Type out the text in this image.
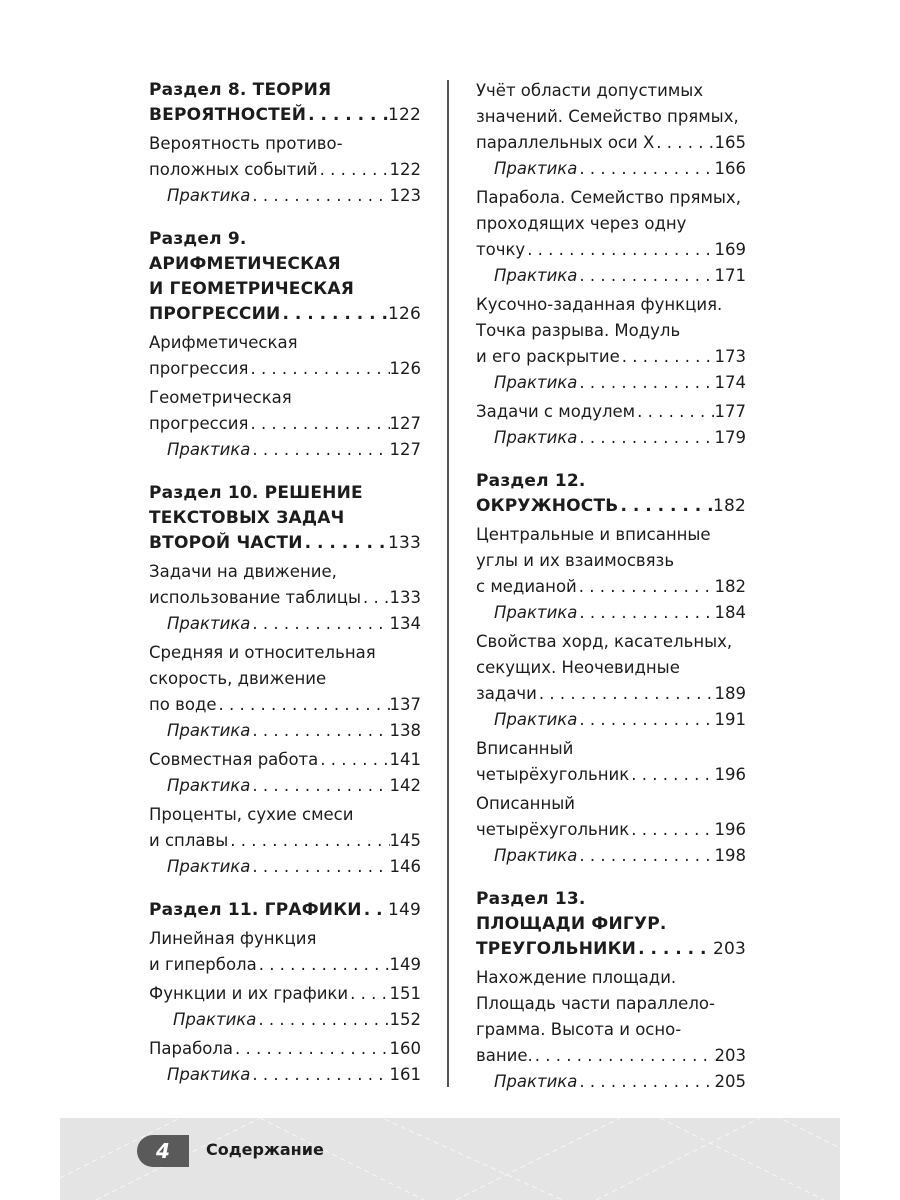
Раздел 8. ТЕОРИЯ
ВЕРОЯТНОСТЕЙ . . .	122
Вероятность противо-
положных событий . . .	122
Практика . . .	123
Раздел 9.
АРИФМЕТИЧЕСКАЯ
И ГЕОМЕТРИЧЕСКАЯ
ПРОГРЕССИИ . . .	126
Арифметическая
прогрессия . . .	126
Геометрическая
прогрессия . . .	127
Практика . . .	127
Раздел 10. РЕШЕНИЕ
ТЕКСТОВЫХ ЗАДАЧ
ВТОРОЙ ЧАСТИ . . .	133
Задачи на движение,
использование таблицы . . . 133
Практика . . .	134
Средняя и относительная
скорость, движение
по воде . . .	137
Практика . . .	138
Совместная работа . . .	141
Практика . . .	142
Проценты, сухие смеси
и сплавы . . .	145
Практика . . .	146
Раздел 11. ГРАФИКИ . . . 149
Линейная функция
и гипербола . . .	149
Функции и их графики . . .	151
Практика . . .	152
Парабола . . .	160
Практика . . .	161
Учёт области допустимых
значений. Семейство прямых,
параллельных оси X . . .	165
Практика . . .	166
Парабола. Семейство прямых,
проходящих через одну
точку . . .	169
Практика . . .	171
Кусочно-заданная функция.
Точка разрыва. Модуль
и его раскрытие . . .	173
Практика . . .	174
Задачи с модулем . . .	177
Практика . . .	179
Раздел 12.
ОКРУЖНОСТЬ . . .	182
Центральные и вписанные
углы и их взаимосвязь
с медианой . . .	182
Практика . . .	184
Свойства хорд, касательных,
секущих. Неочевидные
задачи . . .	189
Практика . . .	191
Вписанный
четырёхугольник . . .	196
Описанный
четырёхугольник . . .	196
Практика . . .	198
Раздел 13.
ПЛОЩАДИ ФИГУР.
ТРЕУГОЛЬНИКИ . . .	203
Нахождение площади.
Площадь части параллело-
грамма. Высота и осно-
вание. . . .	203
Практика . . .	205
4	Содержание
